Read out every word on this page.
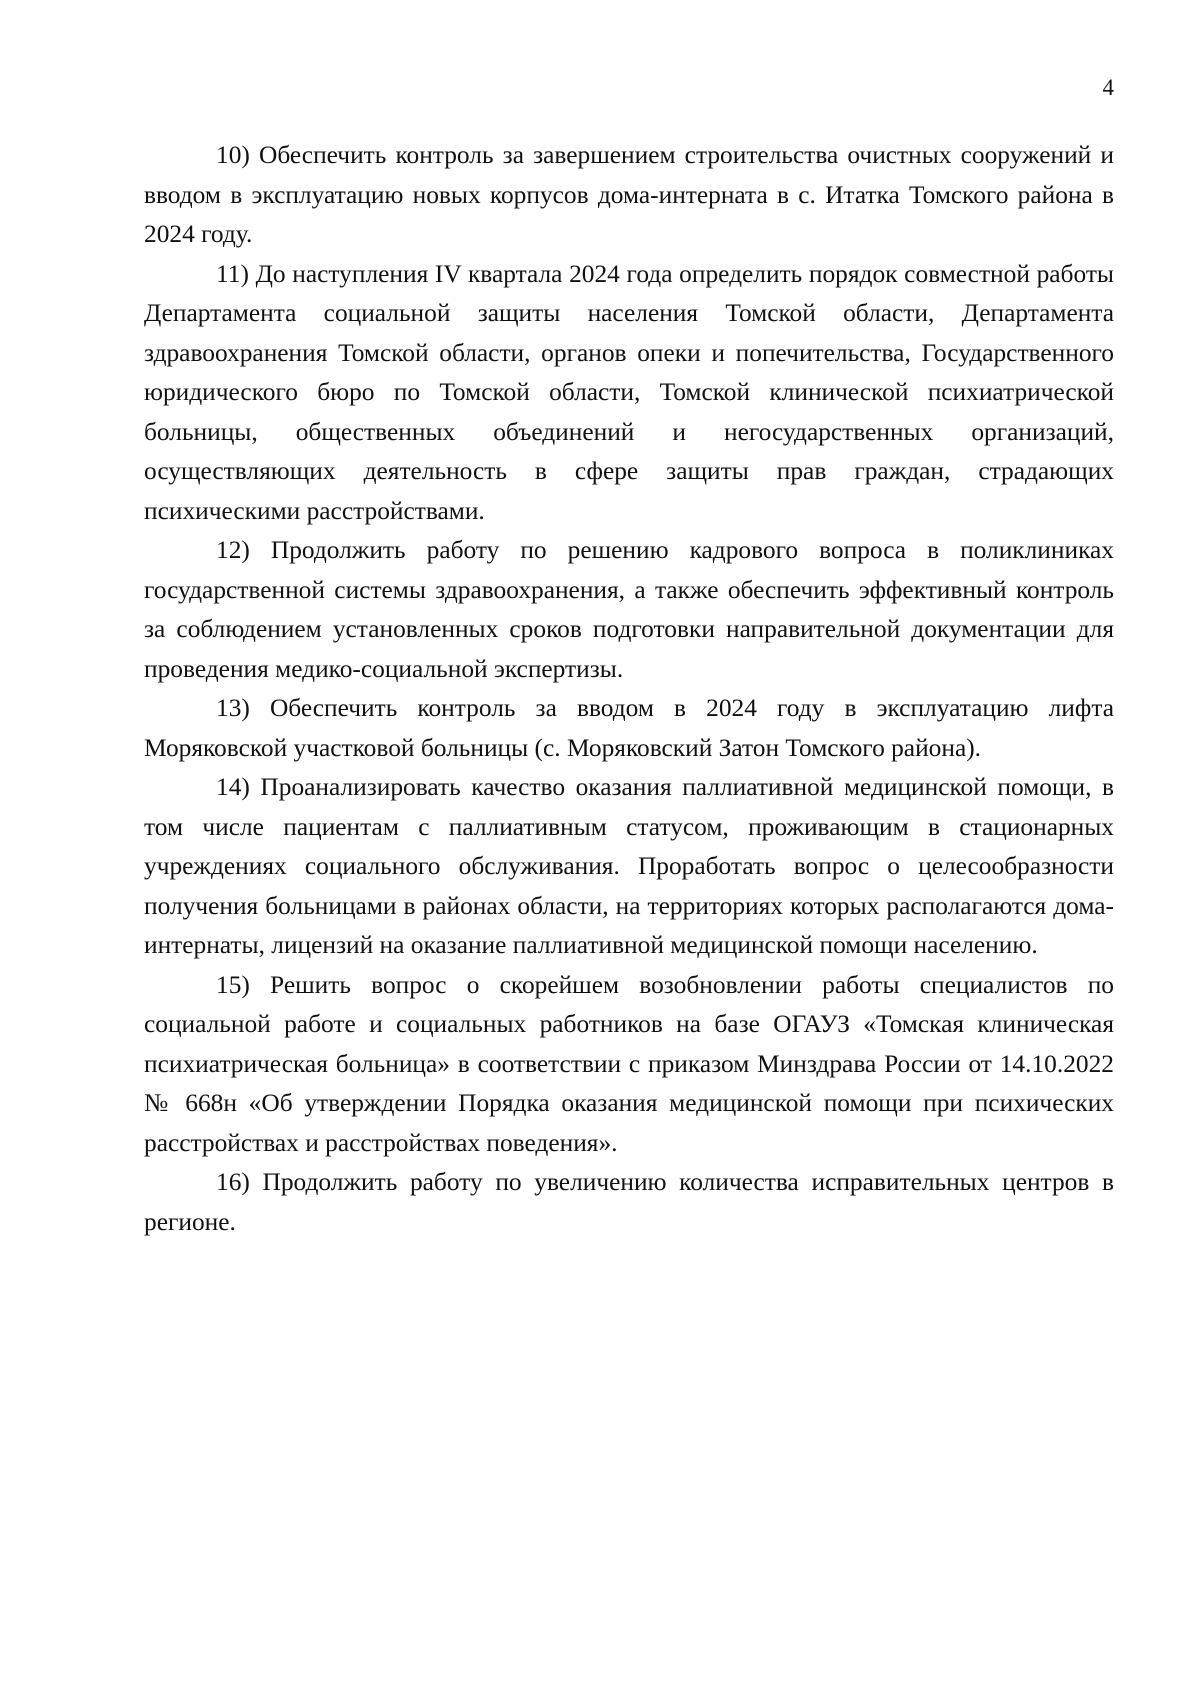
4

10) Обеспечить контроль за завершением строительства очистных сооружений и вводом в эксплуатацию новых корпусов дома-интерната в с. Итатка Томского района в 2024 году.

11) До наступления IV квартала 2024 года определить порядок совместной работы Департамента социальной защиты населения Томской области, Департамента здравоохранения Томской области, органов опеки и попечительства, Государственного юридического бюро по Томской области, Томской клинической психиатрической больницы, общественных объединений и негосударственных организаций, осуществляющих деятельность в сфере защиты прав граждан, страдающих психическими расстройствами.

12) Продолжить работу по решению кадрового вопроса в поликлиниках государственной системы здравоохранения, а также обеспечить эффективный контроль за соблюдением установленных сроков подготовки направительной документации для проведения медико-социальной экспертизы.

13) Обеспечить контроль за вводом в 2024 году в эксплуатацию лифта Моряковской участковой больницы (с. Моряковский Затон Томского района).

14) Проанализировать качество оказания паллиативной медицинской помощи, в том числе пациентам с паллиативным статусом, проживающим в стационарных учреждениях социального обслуживания. Проработать вопрос о целесообразности получения больницами в районах области, на территориях которых располагаются дома-интернаты, лицензий на оказание паллиативной медицинской помощи населению.

15) Решить вопрос о скорейшем возобновлении работы специалистов по социальной работе и социальных работников на базе ОГАУЗ «Томская клиническая психиатрическая больница» в соответствии с приказом Минздрава России от 14.10.2022 № 668н «Об утверждении Порядка оказания медицинской помощи при психических расстройствах и расстройствах поведения».

16) Продолжить работу по увеличению количества исправительных центров в регионе.
